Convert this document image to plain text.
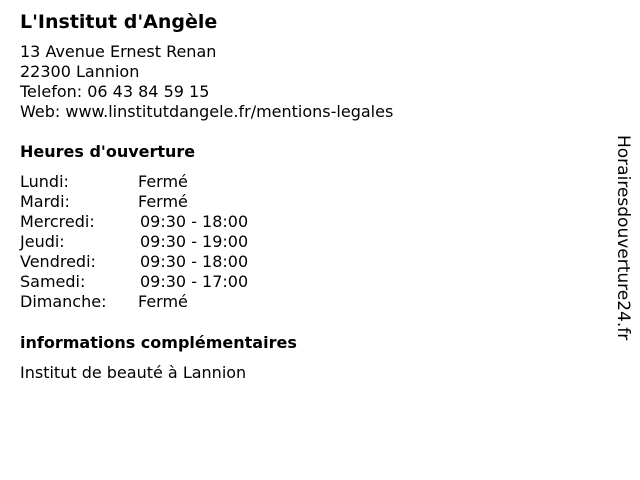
L'Institut d'Angèle
13 Avenue Ernest Renan
22300 Lannion
Telefon: 06 43 84 59 15
Web: www.linstitutdangele.fr/mentions-legales
Heures d'ouverture
Lundi:	Fermé
Mardi:	Fermé
Mercredi:	09:30 - 18:00
Jeudi:	09:30 - 19:00
Vendredi:	09:30 - 18:00
Samedi:	09:30 - 17:00
Dimanche:	Fermé
informations complémentaires
Institut de beauté à Lannion
Horairesdouverture24.fr
